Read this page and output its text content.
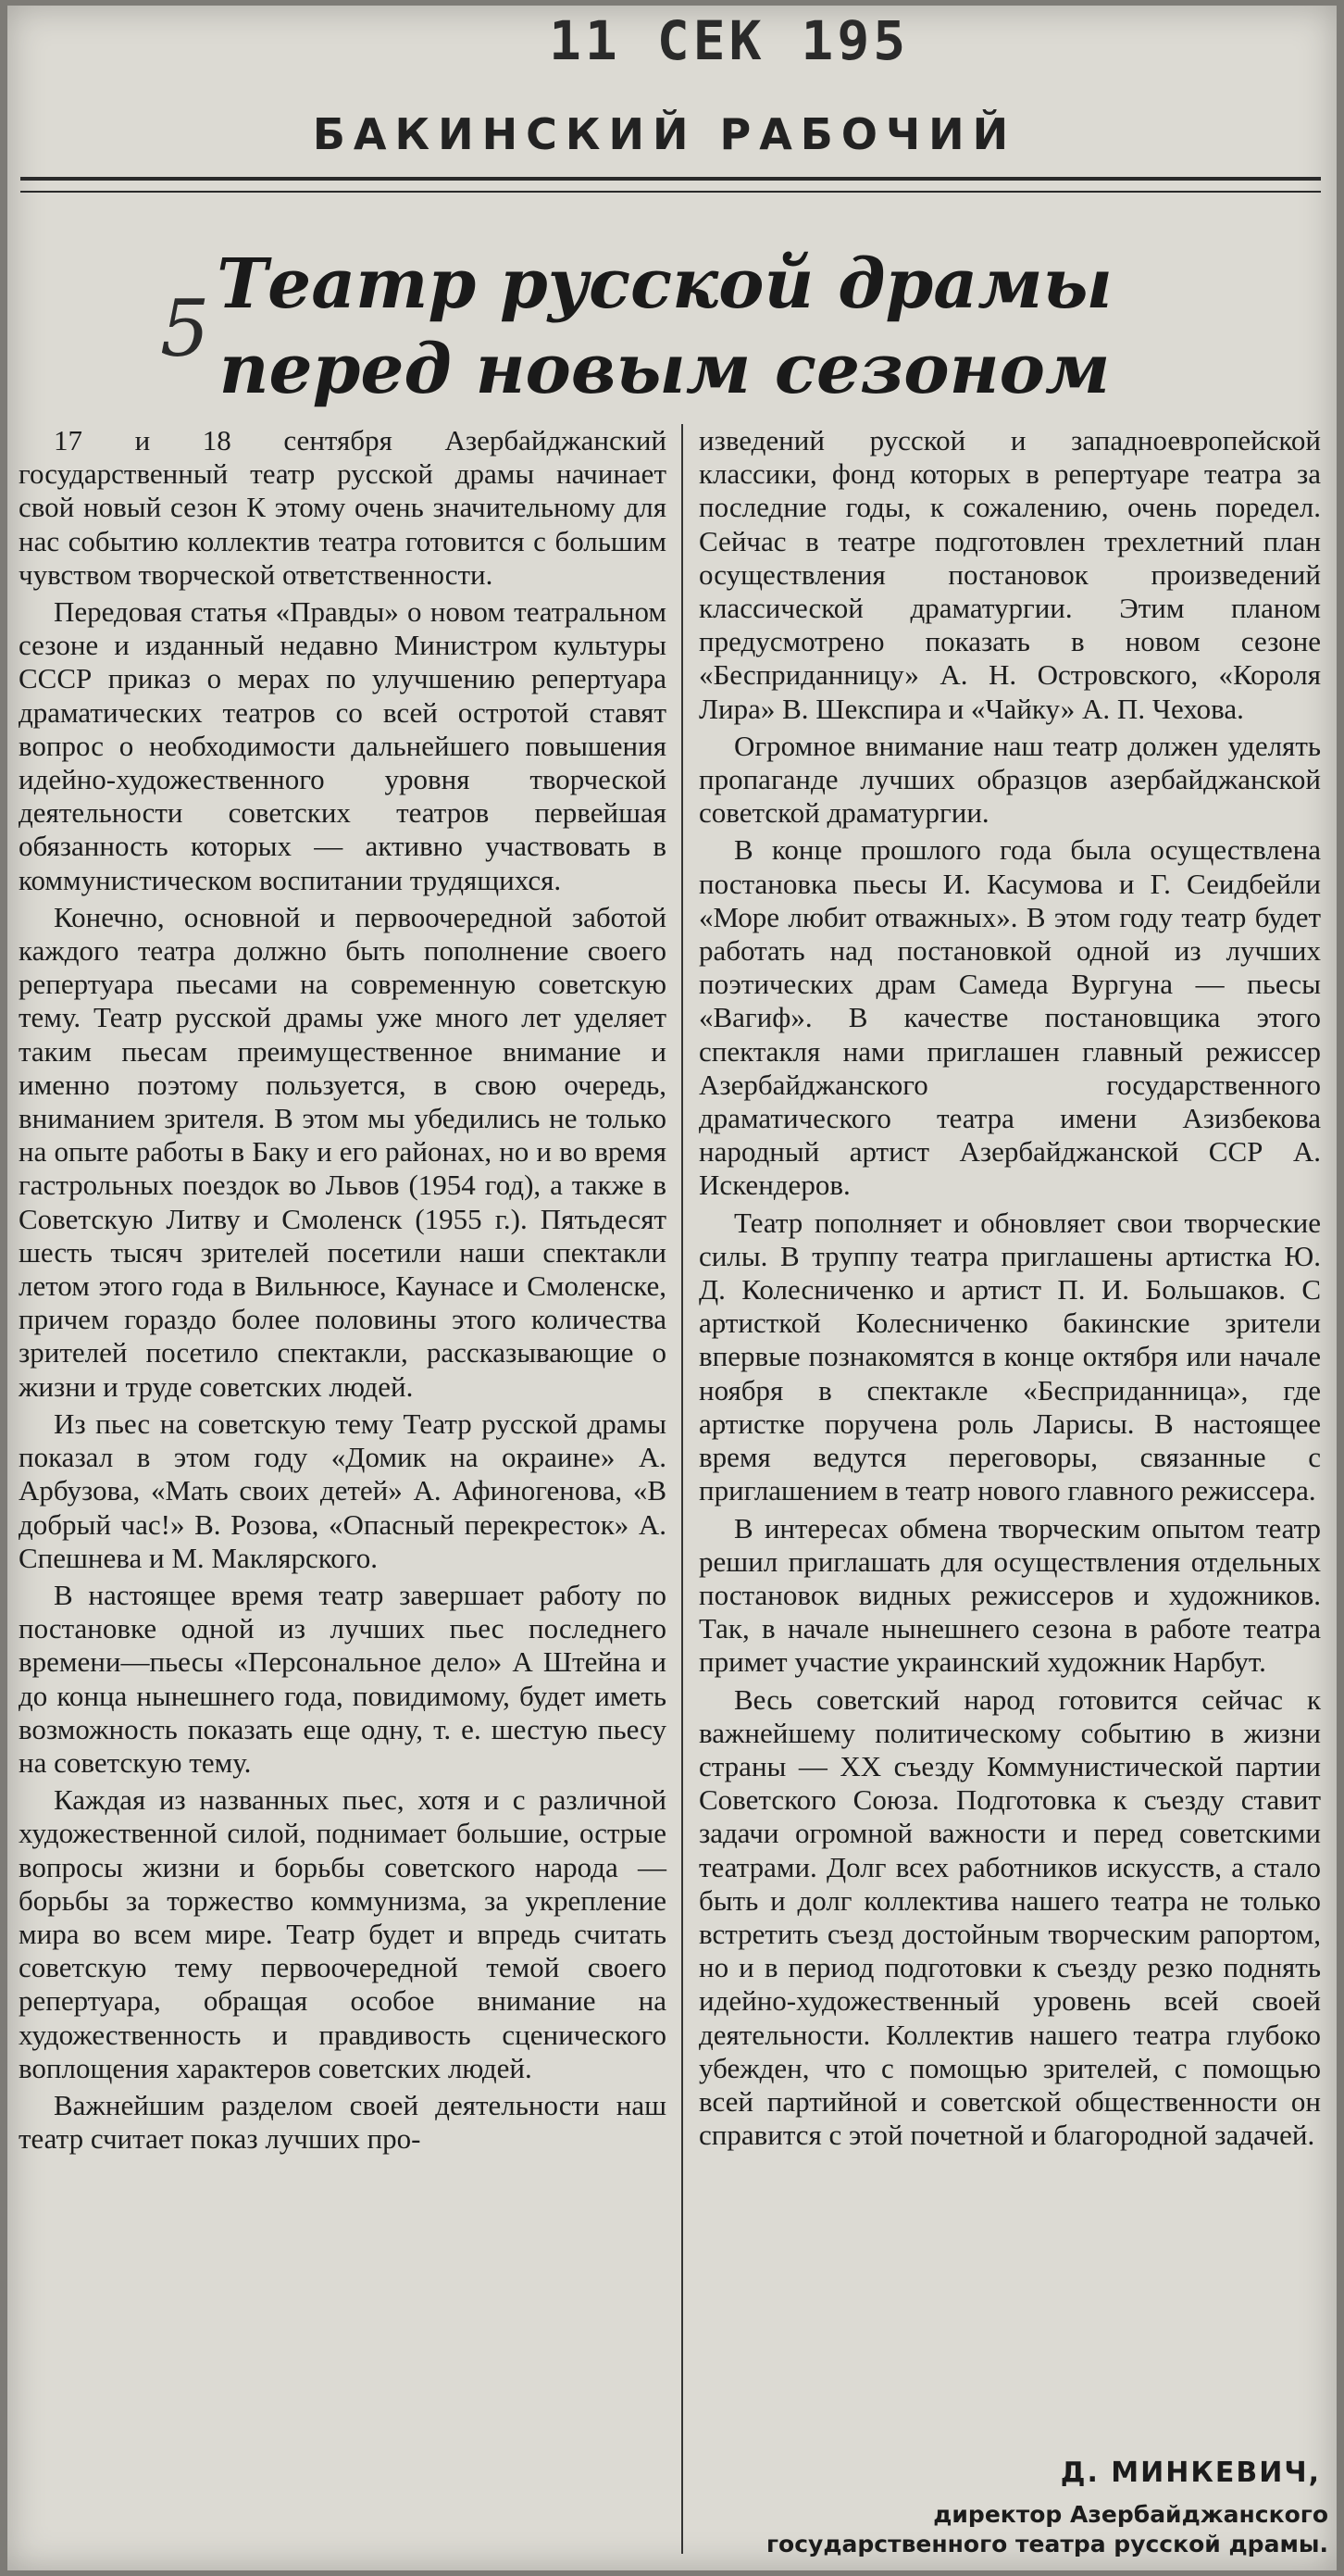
11 СЕК 195
БАКИНСКИЙ РАБОЧИЙ
5 Театр русской драмы
перед новым сезоном

17 и 18 сентября Азербайджанский государственный театр русской драмы начинает свой новый сезон К этому очень значительному для нас событию коллектив театра готовится с большим чувством творческой ответственности.

Передовая статья «Правды» о новом театральном сезоне и изданный недавно Министром культуры СССР приказ о мерах по улучшению репертуара драматических театров со всей остротой ставят вопрос о необходимости дальнейшего повышения идейно-художественного уровня творческой деятельности советских театров первейшая обязанность которых — активно участвовать в коммунистическом воспитании трудящихся.

Конечно, основной и первоочередной заботой каждого театра должно быть пополнение своего репертуара пьесами на современную советскую тему. Театр русской драмы уже много лет уделяет таким пьесам преимущественное внимание и именно поэтому пользуется, в свою очередь, вниманием зрителя. В этом мы убедились не только на опыте работы в Баку и его районах, но и во время гастрольных поездок во Львов (1954 год), а также в Советскую Литву и Смоленск (1955 г.). Пятьдесят шесть тысяч зрителей посетили наши спектакли летом этого года в Вильнюсе, Каунасе и Смоленске, причем гораздо более половины этого количества зрителей посетило спектакли, рассказывающие о жизни и труде советских людей.

Из пьес на советскую тему Театр русской драмы показал в этом году «Домик на окраине» А. Арбузова, «Мать своих детей» А. Афиногенова, «В добрый час!» В. Розова, «Опасный перекресток» А. Спешнева и М. Маклярского.

В настоящее время театр завершает работу по постановке одной из лучших пьес последнего времени—пьесы «Персональное дело» А Штейна и до конца нынешнего года, повидимому, будет иметь возможность показать еще одну, т. е. шестую пьесу на советскую тему.

Каждая из названных пьес, хотя и с различной художественной силой, поднимает большие, острые вопросы жизни и борьбы советского народа — борьбы за торжество коммунизма, за укрепление мира во всем мире. Театр будет и впредь считать советскую тему первоочередной темой своего репертуара, обращая особое внимание на художественность и правдивость сценического воплощения характеров советских людей.

Важнейшим разделом своей деятельности наш театр считает показ лучших про-

изведений русской и западноевропейской классики, фонд которых в репертуаре театра за последние годы, к сожалению, очень поредел. Сейчас в театре подготовлен трехлетний план осуществления постановок произведений классической драматургии. Этим планом предусмотрено показать в новом сезоне «Бесприданницу» А. Н. Островского, «Короля Лира» В. Шекспира и «Чайку» А. П. Чехова.

Огромное внимание наш театр должен уделять пропаганде лучших образцов азербайджанской советской драматургии.

В конце прошлого года была осуществлена постановка пьесы И. Касумова и Г. Сеидбейли «Море любит отважных». В этом году театр будет работать над постановкой одной из лучших поэтических драм Самеда Вургуна — пьесы «Вагиф». В качестве постановщика этого спектакля нами приглашен главный режиссер Азербайджанского государственного драматического театра имени Азизбекова народный артист Азербайджанской ССР А. Искендеров.

Театр пополняет и обновляет свои творческие силы. В труппу театра приглашены артистка Ю. Д. Колесниченко и артист П. И. Большаков. С артисткой Колесниченко бакинские зрители впервые познакомятся в конце октября или начале ноября в спектакле «Бесприданница», где артистке поручена роль Ларисы. В настоящее время ведутся переговоры, связанные с приглашением в театр нового главного режиссера.

В интересах обмена творческим опытом театр решил приглашать для осуществления отдельных постановок видных режиссеров и художников. Так, в начале нынешнего сезона в работе театра примет участие украинский художник Нарбут.

Весь советский народ готовится сейчас к важнейшему политическому событию в жизни страны — XX съезду Коммунистической партии Советского Союза. Подготовка к съезду ставит задачи огромной важности и перед советскими театрами. Долг всех работников искусств, а стало быть и долг коллектива нашего театра не только встретить съезд достойным творческим рапортом, но и в период подготовки к съезду резко поднять идейно-художественный уровень всей своей деятельности. Коллектив нашего театра глубоко убежден, что с помощью зрителей, с помощью всей партийной и советской общественности он справится с этой почетной и благородной задачей.

Д. МИНКЕВИЧ,
директор Азербайджанского
государственного театра русской драмы.
